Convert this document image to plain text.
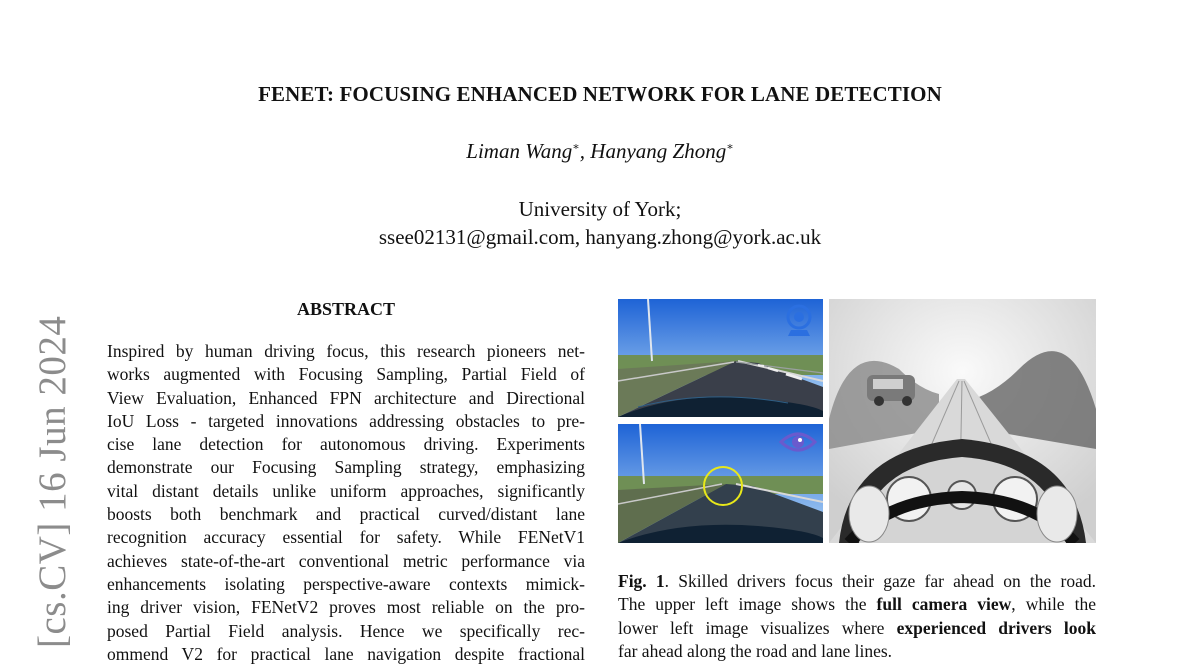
FENET: FOCUSING ENHANCED NETWORK FOR LANE DETECTION
Liman Wang∗, Hanyang Zhong∗
University of York;
ssee02131@gmail.com, hanyang.zhong@york.ac.uk
[cs.CV] 16 Jun 2024
ABSTRACT
Inspired by human driving focus, this research pioneers net-
works augmented with Focusing Sampling, Partial Field of
View Evaluation, Enhanced FPN architecture and Directional
IoU Loss - targeted innovations addressing obstacles to pre-
cise lane detection for autonomous driving. Experiments
demonstrate our Focusing Sampling strategy, emphasizing
vital distant details unlike uniform approaches, significantly
boosts both benchmark and practical curved/distant lane
recognition accuracy essential for safety. While FENetV1
achieves state-of-the-art conventional metric performance via
enhancements isolating perspective-aware contexts mimick-
ing driver vision, FENetV2 proves most reliable on the pro-
posed Partial Field analysis. Hence we specifically rec-
ommend V2 for practical lane navigation despite fractional
Fig. 1. Skilled drivers focus their gaze far ahead on the road.
The upper left image shows the full camera view, while the
lower left image visualizes where experienced drivers look
far ahead along the road and lane lines.
